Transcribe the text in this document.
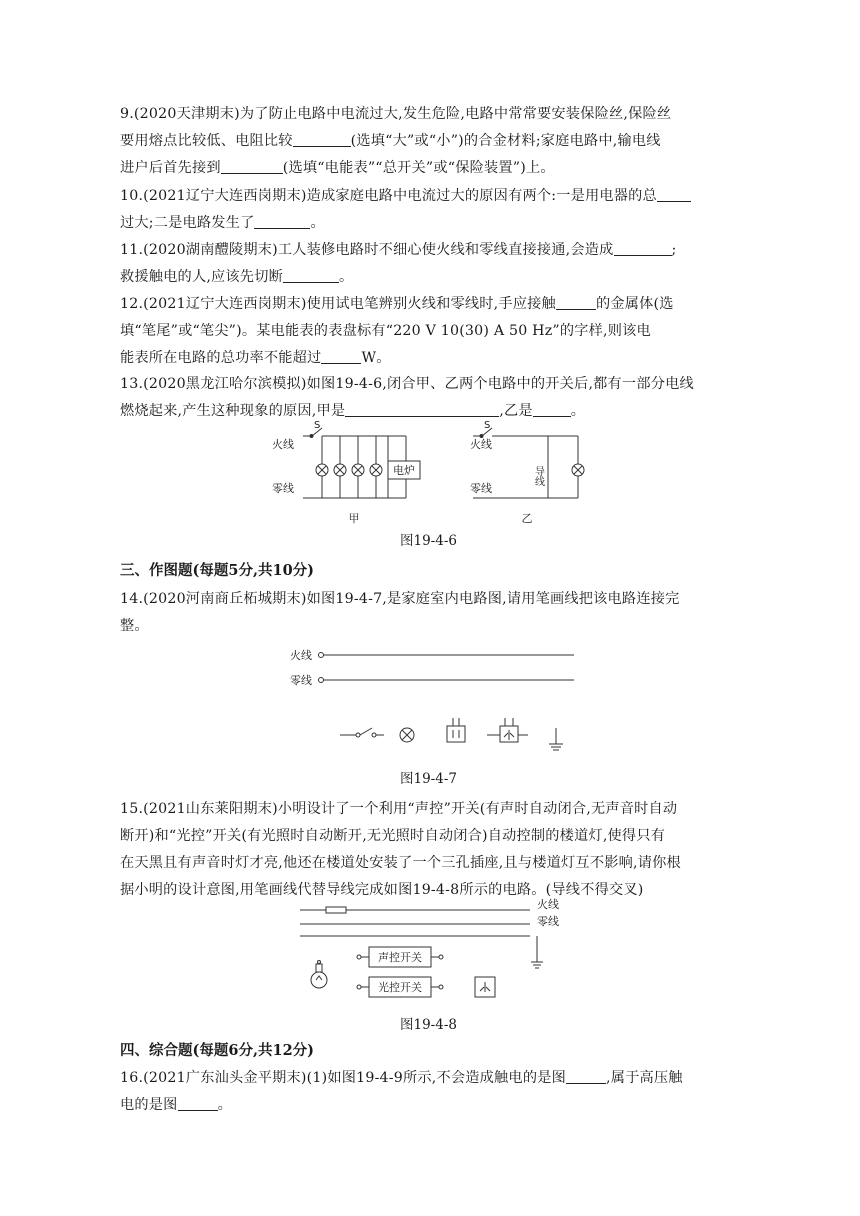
9.(2020天津期末)为了防止电路中电流过大,发生危险,电路中常常要安装保险丝,保险丝
要用熔点比较低、电阻比较	(选填“大”或“小”)的合金材料;家庭电路中,输电线
进户后首先接到	(选填“电能表”“总开关”或“保险装置”)上。
10.(2021辽宁大连西岗期末)造成家庭电路中电流过大的原因有两个:一是用电器的总
过大;二是电路发生了	。
11.(2020湖南醴陵期末)工人装修电路时不细心使火线和零线直接接通,会造成	;
救援触电的人,应该先切断	。
12.(2021辽宁大连西岗期末)使用试电笔辨别火线和零线时,手应接触	的金属体(选
填“笔尾”或“笔尖”)。某电能表的表盘标有“220 V 10(30) A 50 Hz”的字样,则该电
能表所在电路的总功率不能超过	W。
13.(2020黑龙江哈尔滨模拟)如图19-4-6,闭合甲、乙两个电路中的开关后,都有一部分电线
燃烧起来,产生这种现象的原因,甲是	,乙是	。
电炉
火线
零线
S
甲
火线
零线
S
导线
乙
图19-4-6
三、作图题(每题5分,共10分)
14.(2020河南商丘柘城期末)如图19-4-7,是家庭室内电路图,请用笔画线把该电路连接完
整。
火线
零线
图19-4-7
15.(2021山东莱阳期末)小明设计了一个利用“声控”开关(有声时自动闭合,无声音时自动
断开)和“光控”开关(有光照时自动断开,无光照时自动闭合)自动控制的楼道灯,使得只有
在天黑且有声音时灯才亮,他还在楼道处安装了一个三孔插座,且与楼道灯互不影响,请你根
据小明的设计意图,用笔画线代替导线完成如图19-4-8所示的电路。(导线不得交叉)
火线
零线
声控开关
光控开关
图19-4-8
四、综合题(每题6分,共12分)
16.(2021广东汕头金平期末)(1)如图19-4-9所示,不会造成触电的是图	,属于高压触
电的是图	。
